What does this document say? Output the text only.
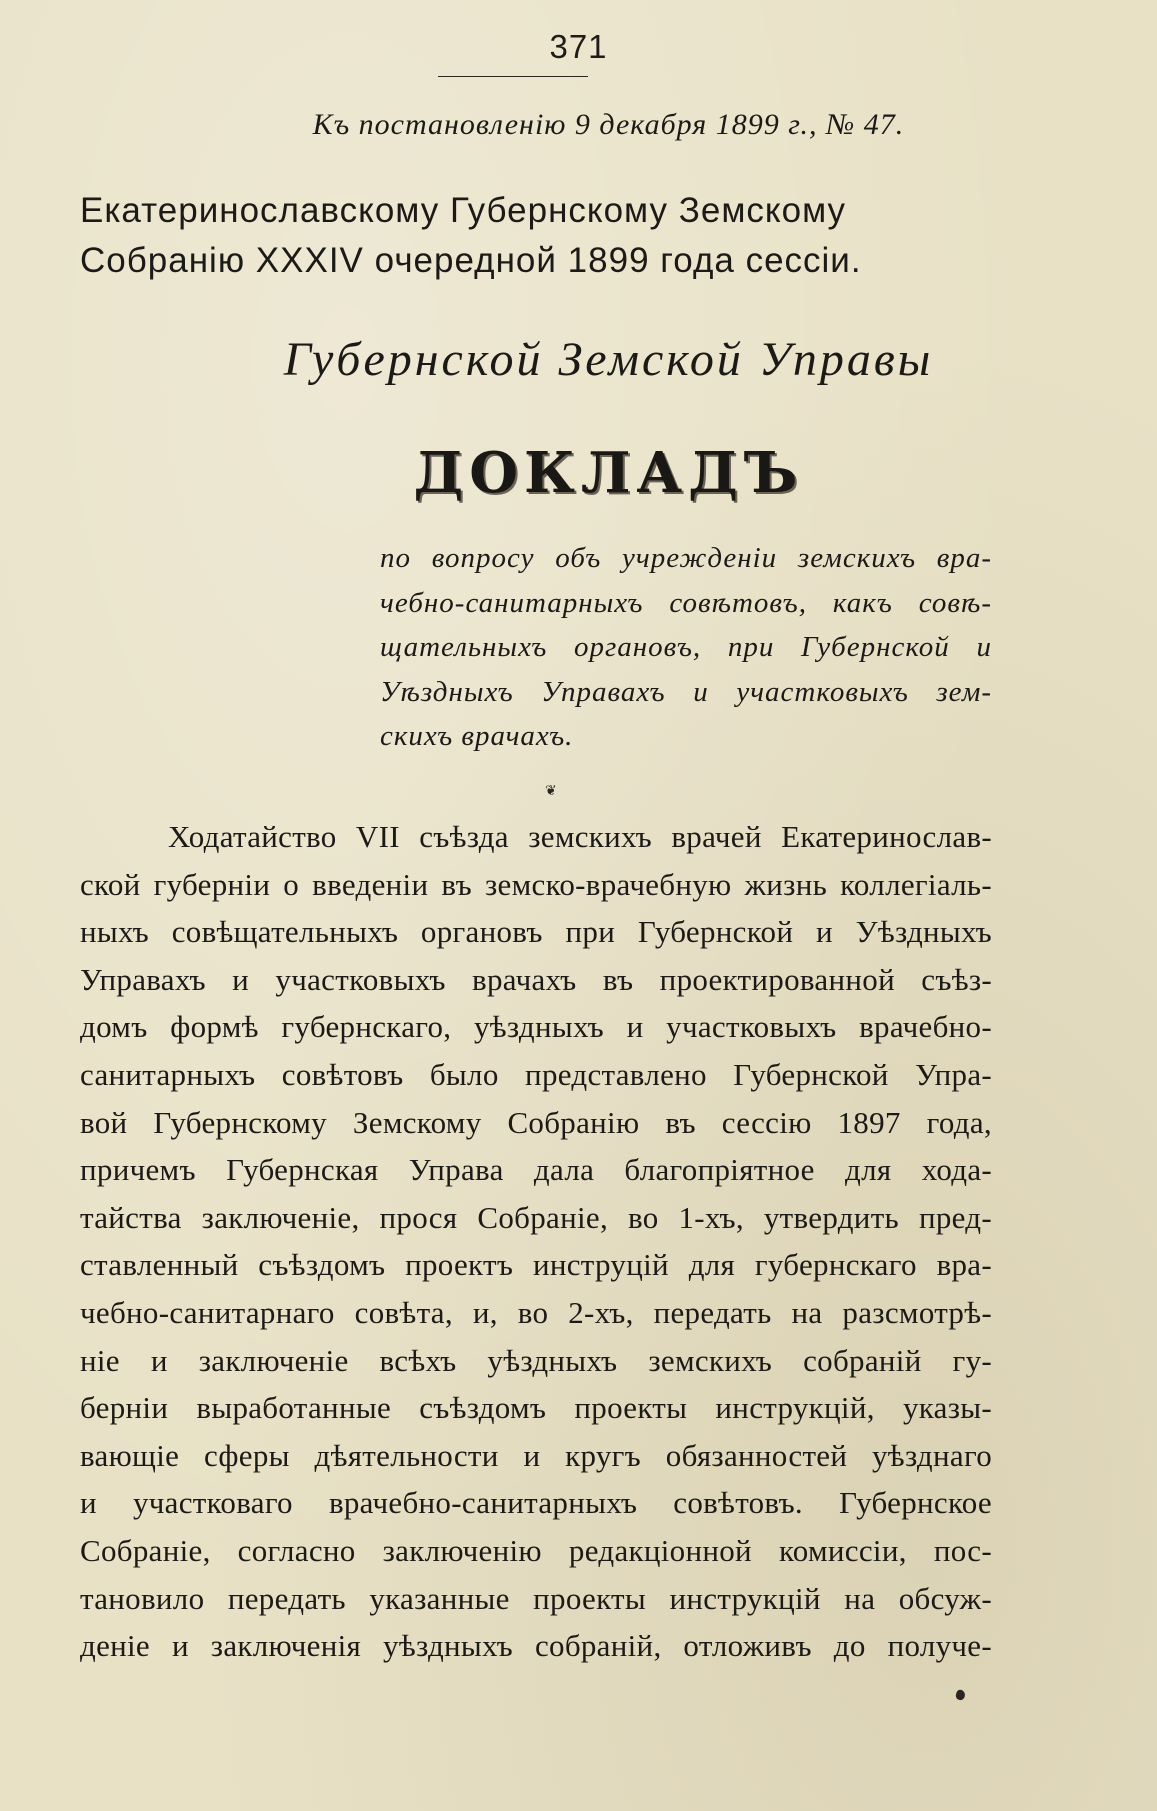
371
Къ постановленію 9 декабря 1899 г., № 47.
Екатеринославскому Губернскому Земскому
Собранію XXXIV очередной 1899 года сессіи.
Губернской Земской Управы
ДОКЛАДЪ
по вопросу объ учрежденіи земскихъ вра-
чебно-санитарныхъ совѣтовъ, какъ совѣ-
щательныхъ органовъ, при Губернской и
Уѣздныхъ Управахъ и участковыхъ зем-
скихъ врачахъ.
❦
Ходатайство VII съѣзда земскихъ врачей Екатеринослав-
ской губерніи о введеніи въ земско-врачебную жизнь коллегіаль-
ныхъ совѣщательныхъ органовъ при Губернской и Уѣздныхъ
Управахъ и участковыхъ врачахъ въ проектированной съѣз-
домъ формѣ губернскаго, уѣздныхъ и участковыхъ врачебно-
санитарныхъ совѣтовъ было представлено Губернской Упра-
вой Губернскому Земскому Собранію въ сессію 1897 года,
причемъ Губернская Управа дала благопріятное для хода-
тайства заключеніе, прося Собраніе, во 1-хъ, утвердить пред-
ставленный съѣздомъ проектъ инструцій для губернскаго вра-
чебно-санитарнаго совѣта, и, во 2-хъ, передать на разсмотрѣ-
ніе и заключеніе всѣхъ уѣздныхъ земскихъ собраній гу-
берніи выработанные съѣздомъ проекты инструкцій, указы-
вающіе сферы дѣятельности и кругъ обязанностей уѣзднаго
и участковаго врачебно-санитарныхъ совѣтовъ. Губернское
Собраніе, согласно заключенію редакціонной комиссіи, пос-
тановило передать указанные проекты инструкцій на обсуж-
деніе и заключенія уѣздныхъ собраній, отложивъ до получе-
